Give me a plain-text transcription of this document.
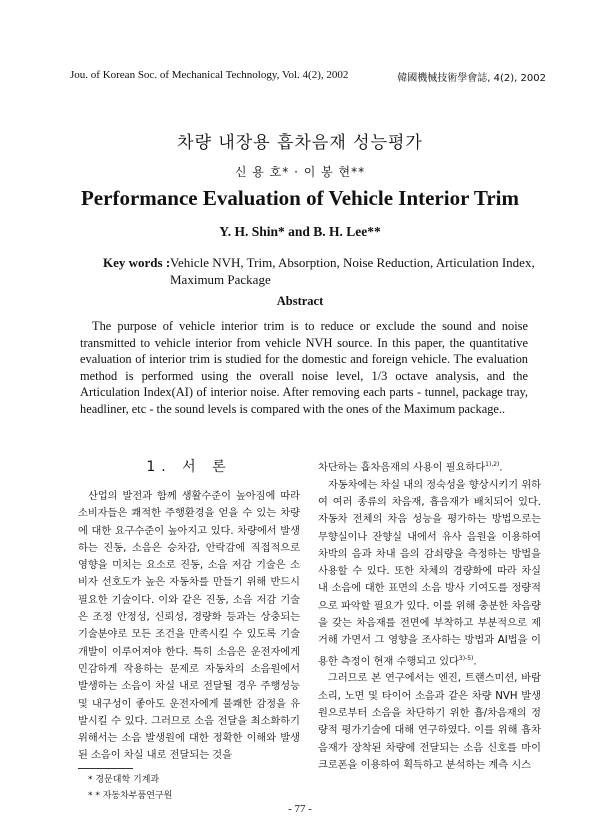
Jou. of Korean Soc. of Mechanical Technology, Vol. 4(2), 2002	韓國機械技術學會誌, 4(2), 2002
차량 내장용 흡차음재 성능평가
신 용 호* · 이 봉 현**
Performance Evaluation of Vehicle Interior Trim
Y. H. Shin* and B. H. Lee**
Key words : Vehicle NVH, Trim, Absorption, Noise Reduction, Articulation Index, Maximum Package
Abstract

The purpose of vehicle interior trim is to reduce or exclude the sound and noise transmitted to vehicle interior from vehicle NVH source. In this paper, the quantitative evaluation of interior trim is studied for the domestic and foreign vehicle. The evaluation method is performed using the overall noise level, 1/3 octave analysis, and the Articulation Index(AI) of interior noise. After removing each parts - tunnel, package tray, headliner, etc - the sound levels is compared with the ones of the Maximum package..

1. 서 론

산업의 발전과 함께 생활수준이 높아짐에 따라 소비자들은 쾌적한 주행환경을 얻을 수 있는 차량에 대한 요구수준이 높아지고 있다. 차량에서 발생하는 진동, 소음은 승차감, 안락감에 직접적으로 영향을 미치는 요소로 진동, 소음 저감 기술은 소비자 선호도가 높은 자동차를 만들기 위해 반드시 필요한 기술이다. 이와 같은 진동, 소음 저감 기술은 조정 안정성, 신뢰성, 경량화 등과는 상충되는 기술분야로 모든 조건을 만족시킬 수 있도록 기술 개발이 이루어져야 한다. 특히 소음은 운전자에게 민감하게 작용하는 문제로 자동차의 소음원에서 발생하는 소음이 차실 내로 전달될 경우 주행성능 및 내구성이 좋아도 운전자에게 불쾌한 감정을 유발시킬 수 있다. 그러므로 소음 전달을 최소화하기 위해서는 소음 발생원에 대한 정확한 이해와 발생된 소음이 차실 내로 전달되는 것을

차단하는 흡차음재의 사용이 필요하다$^{1),2)}$.

자동차에는 차실 내의 정숙성을 향상시키기 위하여 여러 종류의 차음재, 흡음재가 배치되어 있다. 자동차 전체의 차음 성능을 평가하는 방법으로는 무향실이나 잔향실 내에서 유사 음원을 이용하여 차박의 음과 차내 음의 감쇠량을 측정하는 방법을 사용할 수 있다. 또한 차체의 경량화에 따라 차실 내 소음에 대한 표면의 소음 방사 기여도를 정량적으로 파악할 필요가 있다. 이를 위해 충분한 차음량을 갖는 차음재를 전면에 부착하고 부분적으로 제거해 가면서 그 영향을 조사하는 방법과 AI법을 이용한 측정이 현재 수행되고 있다$^{3)-5)}$.

그러므로 본 연구에서는 엔진, 트랜스미션, 바람소리, 노면 및 타이어 소음과 같은 차량 NVH 발생원으로부터 소음을 차단하기 위한 흡/차음재의 정량적 평가기술에 대해 연구하였다. 이를 위해 흡차음재가 장착된 차량에 전달되는 소음 신호를 마이크로폰을 이용하여 획득하고 분석하는 계측 시스

* 경문대학 기계과
* * 자동차부품연구원
- 77 -
